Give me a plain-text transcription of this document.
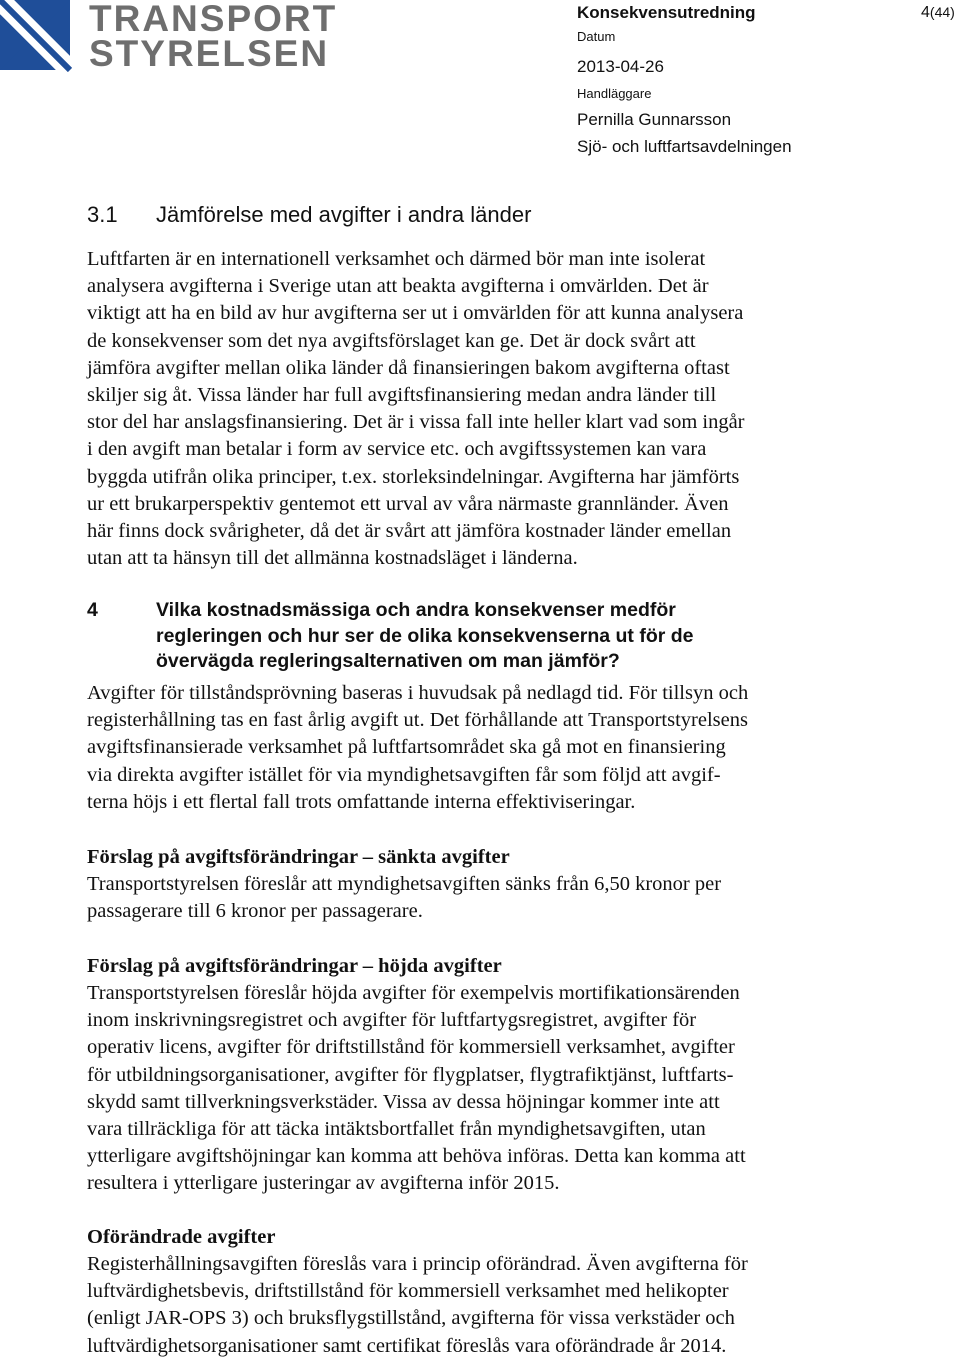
TRANSPORT
STYRELSEN
Konsekvensutredning	4(44)
Datum
2013-04-26
Handläggare
Pernilla Gunnarsson
Sjö- och luftfartsavdelningen
3.1 Jämförelse med avgifter i andra länder
Luftfarten är en internationell verksamhet och därmed bör man inte isolerat
analysera avgifterna i Sverige utan att beakta avgifterna i omvärlden. Det är
viktigt att ha en bild av hur avgifterna ser ut i omvärlden för att kunna analysera
de konsekvenser som det nya avgiftsförslaget kan ge. Det är dock svårt att
jämföra avgifter mellan olika länder då finansieringen bakom avgifterna oftast
skiljer sig åt. Vissa länder har full avgiftsfinansiering medan andra länder till
stor del har anslagsfinansiering. Det är i vissa fall inte heller klart vad som ingår
i den avgift man betalar i form av service etc. och avgiftssystemen kan vara
byggda utifrån olika principer, t.ex. storleksindelningar. Avgifterna har jämförts
ur ett brukarperspektiv gentemot ett urval av våra närmaste grannländer. Även
här finns dock svårigheter, då det är svårt att jämföra kostnader länder emellan
utan att ta hänsyn till det allmänna kostnadsläget i länderna.
4	Vilka kostnadsmässiga och andra konsekvenser medför
regleringen och hur ser de olika konsekvenserna ut för de
övervägda regleringsalternativen om man jämför?
Avgifter för tillståndsprövning baseras i huvudsak på nedlagd tid. För tillsyn och
registerhållning tas en fast årlig avgift ut. Det förhållande att Transportstyrelsens
avgiftsfinansierade verksamhet på luftfartsområdet ska gå mot en finansiering
via direkta avgifter istället för via myndighetsavgiften får som följd att avgif-
terna höjs i ett flertal fall trots omfattande interna effektiviseringar.
Förslag på avgiftsförändringar – sänkta avgifter
Transportstyrelsen föreslår att myndighetsavgiften sänks från 6,50 kronor per
passagerare till 6 kronor per passagerare.
Förslag på avgiftsförändringar – höjda avgifter
Transportstyrelsen föreslår höjda avgifter för exempelvis mortifikationsärenden
inom inskrivningsregistret och avgifter för luftfartygsregistret, avgifter för
operativ licens, avgifter för driftstillstånd för kommersiell verksamhet, avgifter
för utbildningsorganisationer, avgifter för flygplatser, flygtrafiktjänst, luftfarts-
skydd samt tillverkningsverkstäder. Vissa av dessa höjningar kommer inte att
vara tillräckliga för att täcka intäktsbortfallet från myndighetsavgiften, utan
ytterligare avgiftshöjningar kan komma att behöva införas. Detta kan komma att
resultera i ytterligare justeringar av avgifterna inför 2015.
Oförändrade avgifter
Registerhållningsavgiften föreslås vara i princip oförändrad. Även avgifterna för
luftvärdighetsbevis, driftstillstånd för kommersiell verksamhet med helikopter
(enligt JAR-OPS 3) och bruksflygstillstånd, avgifterna för vissa verkstäder och
luftvärdighetsorganisationer samt certifikat föreslås vara oförändrade år 2014.
